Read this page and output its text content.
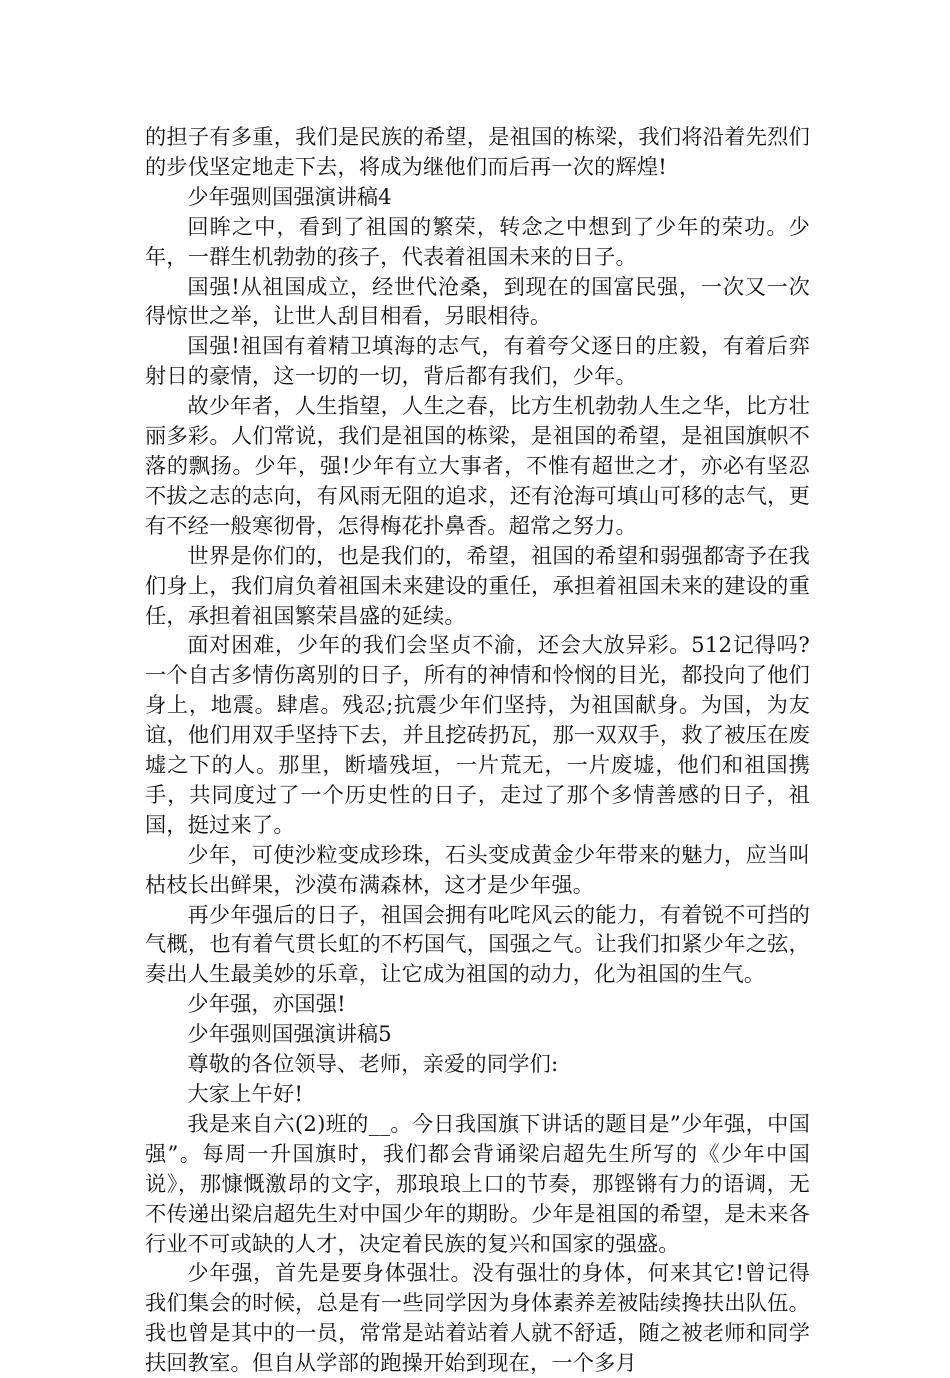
的担子有多重，我们是民族的希望，是祖国的栋梁，我们将沿着先烈们的步伐坚定地走下去，将成为继他们而后再一次的辉煌!

少年强则国强演讲稿4

回眸之中，看到了祖国的繁荣，转念之中想到了少年的荣功。少年，一群生机勃勃的孩子，代表着祖国未来的日子。

国强!从祖国成立，经世代沧桑，到现在的国富民强，一次又一次得惊世之举，让世人刮目相看，另眼相待。

国强!祖国有着精卫填海的志气，有着夸父逐日的庄毅，有着后弈射日的豪情，这一切的一切，背后都有我们，少年。

故少年者，人生指望，人生之春，比方生机勃勃人生之华，比方壮丽多彩。人们常说，我们是祖国的栋梁，是祖国的希望，是祖国旗帜不落的飘扬。少年，强!少年有立大事者，不惟有超世之才，亦必有坚忍不拔之志的志向，有风雨无阻的追求，还有沧海可填山可移的志气，更有不经一般寒彻骨，怎得梅花扑鼻香。超常之努力。

世界是你们的，也是我们的，希望，祖国的希望和弱强都寄予在我们身上，我们肩负着祖国未来建设的重任，承担着祖国未来的建设的重任，承担着祖国繁荣昌盛的延续。

面对困难，少年的我们会坚贞不渝，还会大放异彩。512记得吗?一个自古多情伤离别的日子，所有的神情和怜悯的目光，都投向了他们身上，地震。肆虐。残忍;抗震少年们坚持，为祖国献身。为国，为友谊，他们用双手坚持下去，并且挖砖扔瓦，那一双双手，救了被压在废墟之下的人。那里，断墙残垣，一片荒无，一片废墟，他们和祖国携手，共同度过了一个历史性的日子，走过了那个多情善感的日子，祖国，挺过来了。

少年，可使沙粒变成珍珠，石头变成黄金少年带来的魅力，应当叫枯枝长出鲜果，沙漠布满森林，这才是少年强。

再少年强后的日子，祖国会拥有叱咤风云的能力，有着锐不可挡的气概，也有着气贯长虹的不朽国气，国强之气。让我们扣紧少年之弦，奏出人生最美妙的乐章，让它成为祖国的动力，化为祖国的生气。

少年强，亦国强!

少年强则国强演讲稿5

尊敬的各位领导、老师，亲爱的同学们:

大家上午好!

我是来自六(2)班的__。今日我国旗下讲话的题目是”少年强，中国强”。每周一升国旗时，我们都会背诵梁启超先生所写的《少年中国说》，那慷慨激昂的文字，那琅琅上口的节奏，那铿锵有力的语调，无不传递出梁启超先生对中国少年的期盼。少年是祖国的希望，是未来各行业不可或缺的人才，决定着民族的复兴和国家的强盛。

少年强，首先是要身体强壮。没有强壮的身体，何来其它!曾记得我们集会的时候，总是有一些同学因为身体素养差被陆续搀扶出队伍。我也曾是其中的一员，常常是站着站着人就不舒适，随之被老师和同学扶回教室。但自从学部的跑操开始到现在，一个多月
